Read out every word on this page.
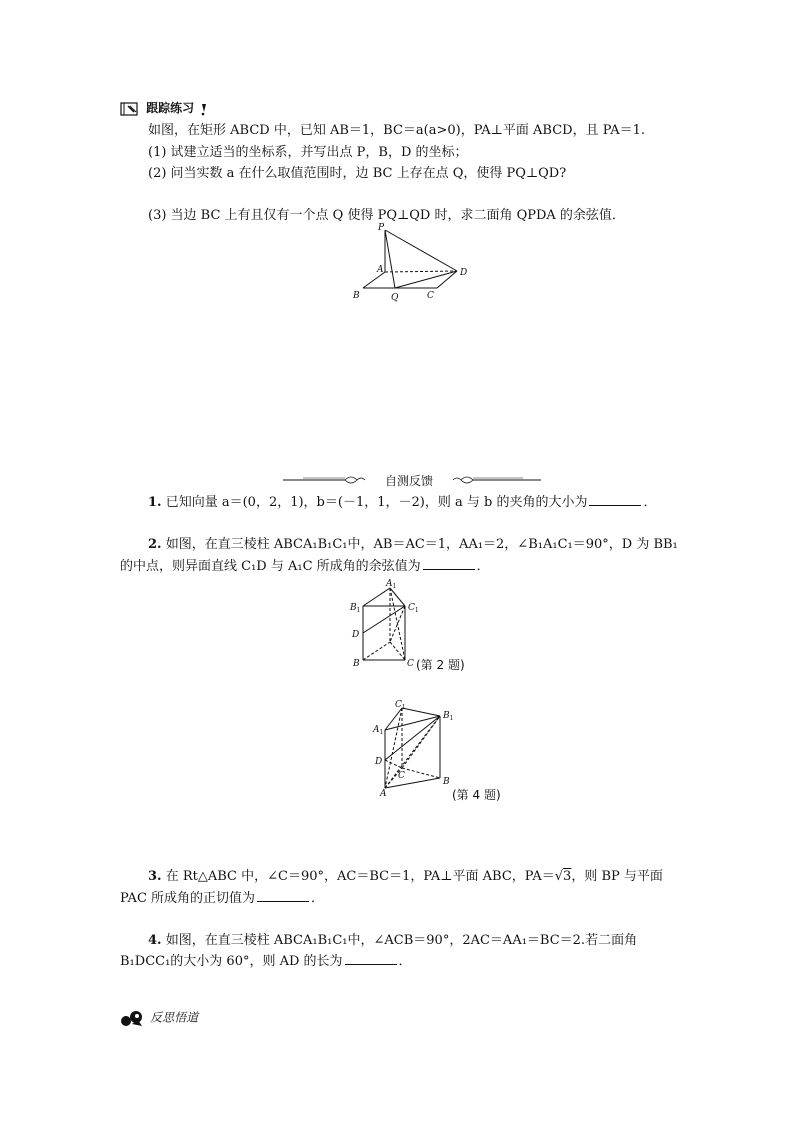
跟踪练习
如图，在矩形 ABCD 中，已知 AB＝1，BC＝a(a>0)，PA⊥平面 ABCD，且 PA＝1.
(1) 试建立适当的坐标系，并写出点 P，B，D 的坐标；
(2) 问当实数 a 在什么取值范围时，边 BC 上存在点 Q，使得 PQ⊥QD?
(3) 当边 BC 上有且仅有一个点 Q 使得 PQ⊥QD 时，求二面角 QPDA 的余弦值．
P
A
B	Q	C
D
自测反馈
1. 已知向量 a＝(0，2，1)，b＝(－1，1，－2)，则 a 与 b 的夹角的大小为	．
2. 如图，在直三棱柱 ABCA₁B₁C₁中，AB＝AC＝1，AA₁＝2，∠B₁A₁C₁＝90°，D 为 BB₁
的中点，则异面直线 C₁D 与 A₁C 所成角的余弦值为	．
$A_1$
$B_1$	$C_1$
D
B	C (第 2 题)
$C_1$
$A_1$
$B_1$
D
C
A
B
(第 4 题)
3. 在 Rt△ABC 中，∠C＝90°，AC＝BC＝1，PA⊥平面 ABC，PA＝√3，则 BP 与平面
PAC 所成角的正切值为	．
4. 如图，在直三棱柱 ABCA₁B₁C₁中，∠ACB＝90°，2AC＝AA₁＝BC＝2.若二面角
B₁DCC₁的大小为 60°，则 AD 的长为	．
反思悟道
